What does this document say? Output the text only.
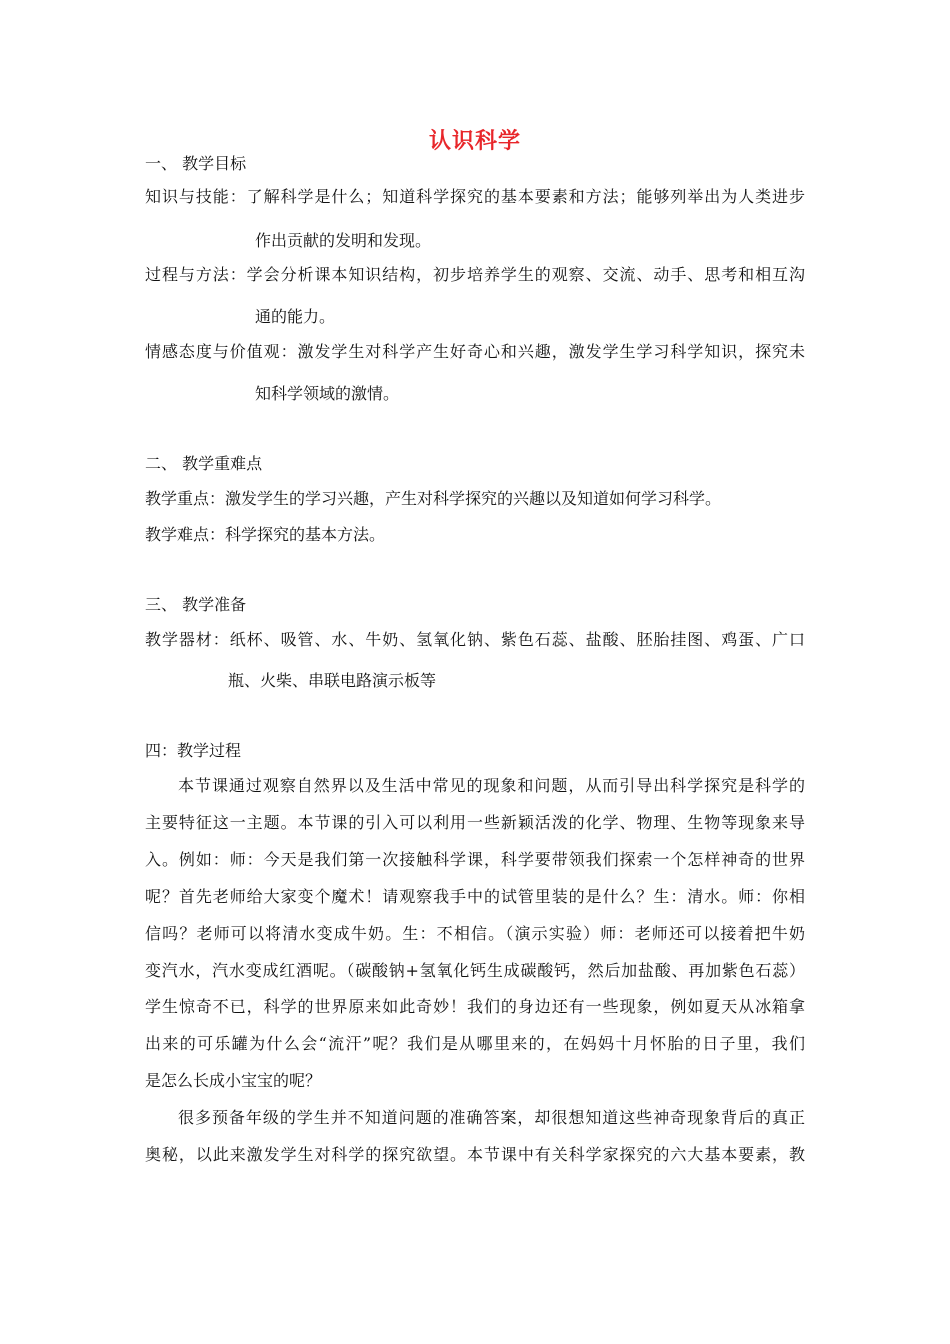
认识科学
一、 教学目标
知识与技能：了解科学是什么；知道科学探究的基本要素和方法；能够列举出为人类进步
作出贡献的发明和发现。
过程与方法：学会分析课本知识结构，初步培养学生的观察、交流、动手、思考和相互沟
通的能力。
情感态度与价值观：激发学生对科学产生好奇心和兴趣，激发学生学习科学知识，探究未
知科学领域的激情。
二、 教学重难点
教学重点：激发学生的学习兴趣，产生对科学探究的兴趣以及知道如何学习科学。
教学难点：科学探究的基本方法。
三、 教学准备
教学器材：纸杯、吸管、水、牛奶、氢氧化钠、紫色石蕊、盐酸、胚胎挂图、鸡蛋、广口
瓶、火柴、串联电路演示板等
四：教学过程
本节课通过观察自然界以及生活中常见的现象和问题，从而引导出科学探究是科学的
主要特征这一主题。本节课的引入可以利用一些新颖活泼的化学、物理、生物等现象来导
入。例如：师：今天是我们第一次接触科学课，科学要带领我们探索一个怎样神奇的世界
呢？首先老师给大家变个魔术！请观察我手中的试管里装的是什么？生：清水。师：你相
信吗？老师可以将清水变成牛奶。生：不相信。（演示实验）师：老师还可以接着把牛奶
变汽水，汽水变成红酒呢。（碳酸钠+氢氧化钙生成碳酸钙，然后加盐酸、再加紫色石蕊）
学生惊奇不已，科学的世界原来如此奇妙！我们的身边还有一些现象，例如夏天从冰箱拿
出来的可乐罐为什么会“流汗”呢？我们是从哪里来的，在妈妈十月怀胎的日子里，我们
是怎么长成小宝宝的呢？
很多预备年级的学生并不知道问题的准确答案，却很想知道这些神奇现象背后的真正
奥秘，以此来激发学生对科学的探究欲望。本节课中有关科学家探究的六大基本要素，教
